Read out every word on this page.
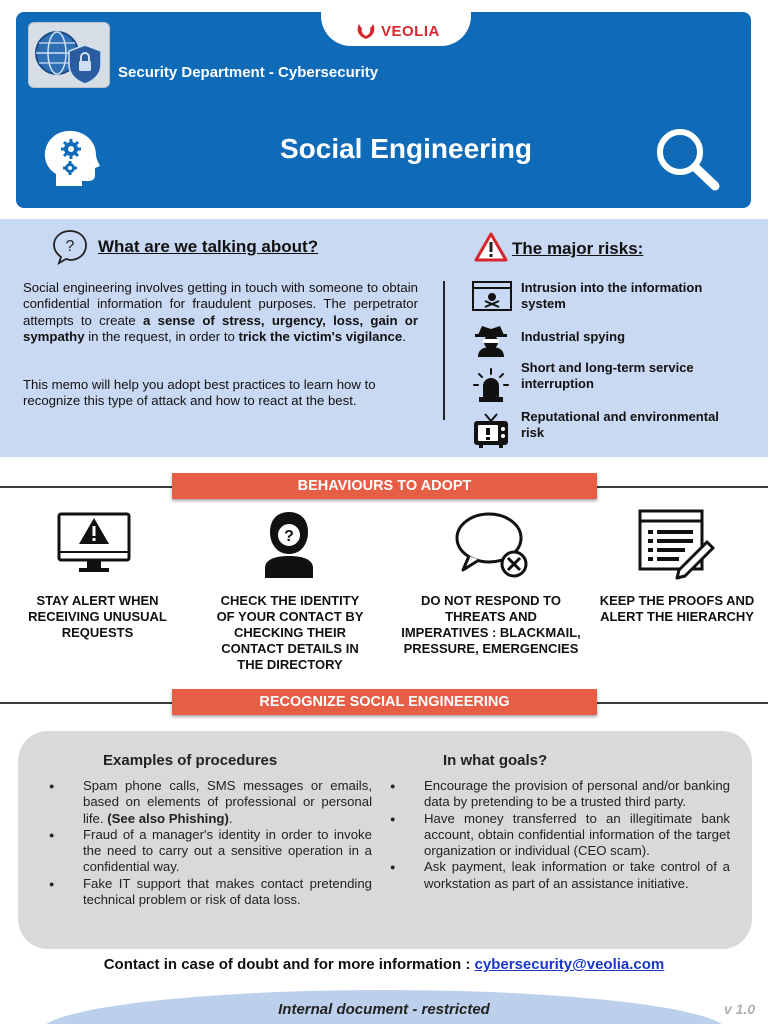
VEOLIA
Security Department - Cybersecurity
Social Engineering
? What are we talking about?
Social engineering involves getting in touch with someone to obtain confidential information for fraudulent purposes. The perpetrator attempts to create a sense of stress, urgency, loss, gain or sympathy in the request, in order to trick the victim's vigilance.
This memo will help you adopt best practices to learn how to recognize this type of attack and how to react at the best.
The major risks:
Intrusion into the information system
Industrial spying
Short and long-term service interruption
Reputational and environmental risk
BEHAVIOURS TO ADOPT
STAY ALERT WHEN RECEIVING UNUSUAL REQUESTS
?
CHECK THE IDENTITY OF YOUR CONTACT BY CHECKING THEIR CONTACT DETAILS IN THE DIRECTORY
DO NOT RESPOND TO THREATS AND IMPERATIVES : BLACKMAIL, PRESSURE, EMERGENCIES
KEEP THE PROOFS AND ALERT THE HIERARCHY
RECOGNIZE SOCIAL ENGINEERING
Examples of procedures
● Spam phone calls, SMS messages or emails, based on elements of professional or personal life. (See also Phishing).
● Fraud of a manager's identity in order to invoke the need to carry out a sensitive operation in a confidential way.
● Fake IT support that makes contact pretending technical problem or risk of data loss.
In what goals?
● Encourage the provision of personal and/or banking data by pretending to be a trusted third party.
● Have money transferred to an illegitimate bank account, obtain confidential information of the target organization or individual (CEO scam).
● Ask payment, leak information or take control of a workstation as part of an assistance initiative.
Contact in case of doubt and for more information : cybersecurity@veolia.com
Internal document - restricted	v 1.0
